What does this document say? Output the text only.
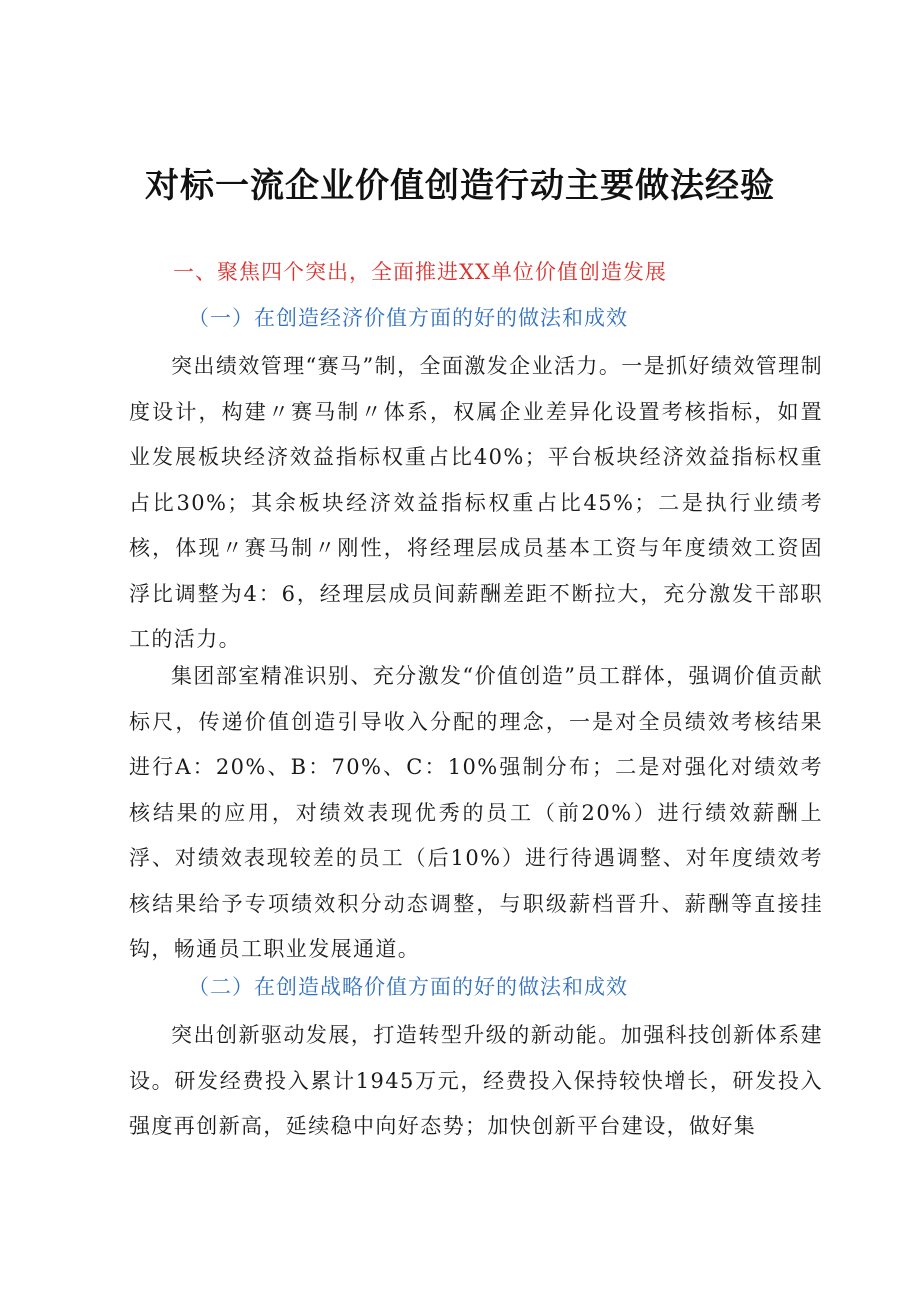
对标一流企业价值创造行动主要做法经验

一、聚焦四个突出，全面推进XX单位价值创造发展

（一）在创造经济价值方面的好的做法和成效

突出绩效管理“赛马”制，全面激发企业活力。一是抓好绩效管理制度设计，构建〃赛马制〃体系，权属企业差异化设置考核指标，如置业发展板块经济效益指标权重占比40%；平台板块经济效益指标权重占比30%；其余板块经济效益指标权重占比45%；二是执行业绩考核，体现〃赛马制〃刚性，将经理层成员基本工资与年度绩效工资固浮比调整为4：6，经理层成员间薪酬差距不断拉大，充分激发干部职工的活力。

集团部室精准识别、充分激发“价值创造”员工群体，强调价值贡献标尺，传递价值创造引导收入分配的理念，一是对全员绩效考核结果进行A：20%、B：70%、C：10%强制分布；二是对强化对绩效考核结果的应用，对绩效表现优秀的员工（前20%）进行绩效薪酬上浮、对绩效表现较差的员工（后10%）进行待遇调整、对年度绩效考核结果给予专项绩效积分动态调整，与职级薪档晋升、薪酬等直接挂钩，畅通员工职业发展通道。

（二）在创造战略价值方面的好的做法和成效

突出创新驱动发展，打造转型升级的新动能。加强科技创新体系建设。研发经费投入累计1945万元，经费投入保持较快增长，研发投入强度再创新高，延续稳中向好态势；加快创新平台建设，做好集
